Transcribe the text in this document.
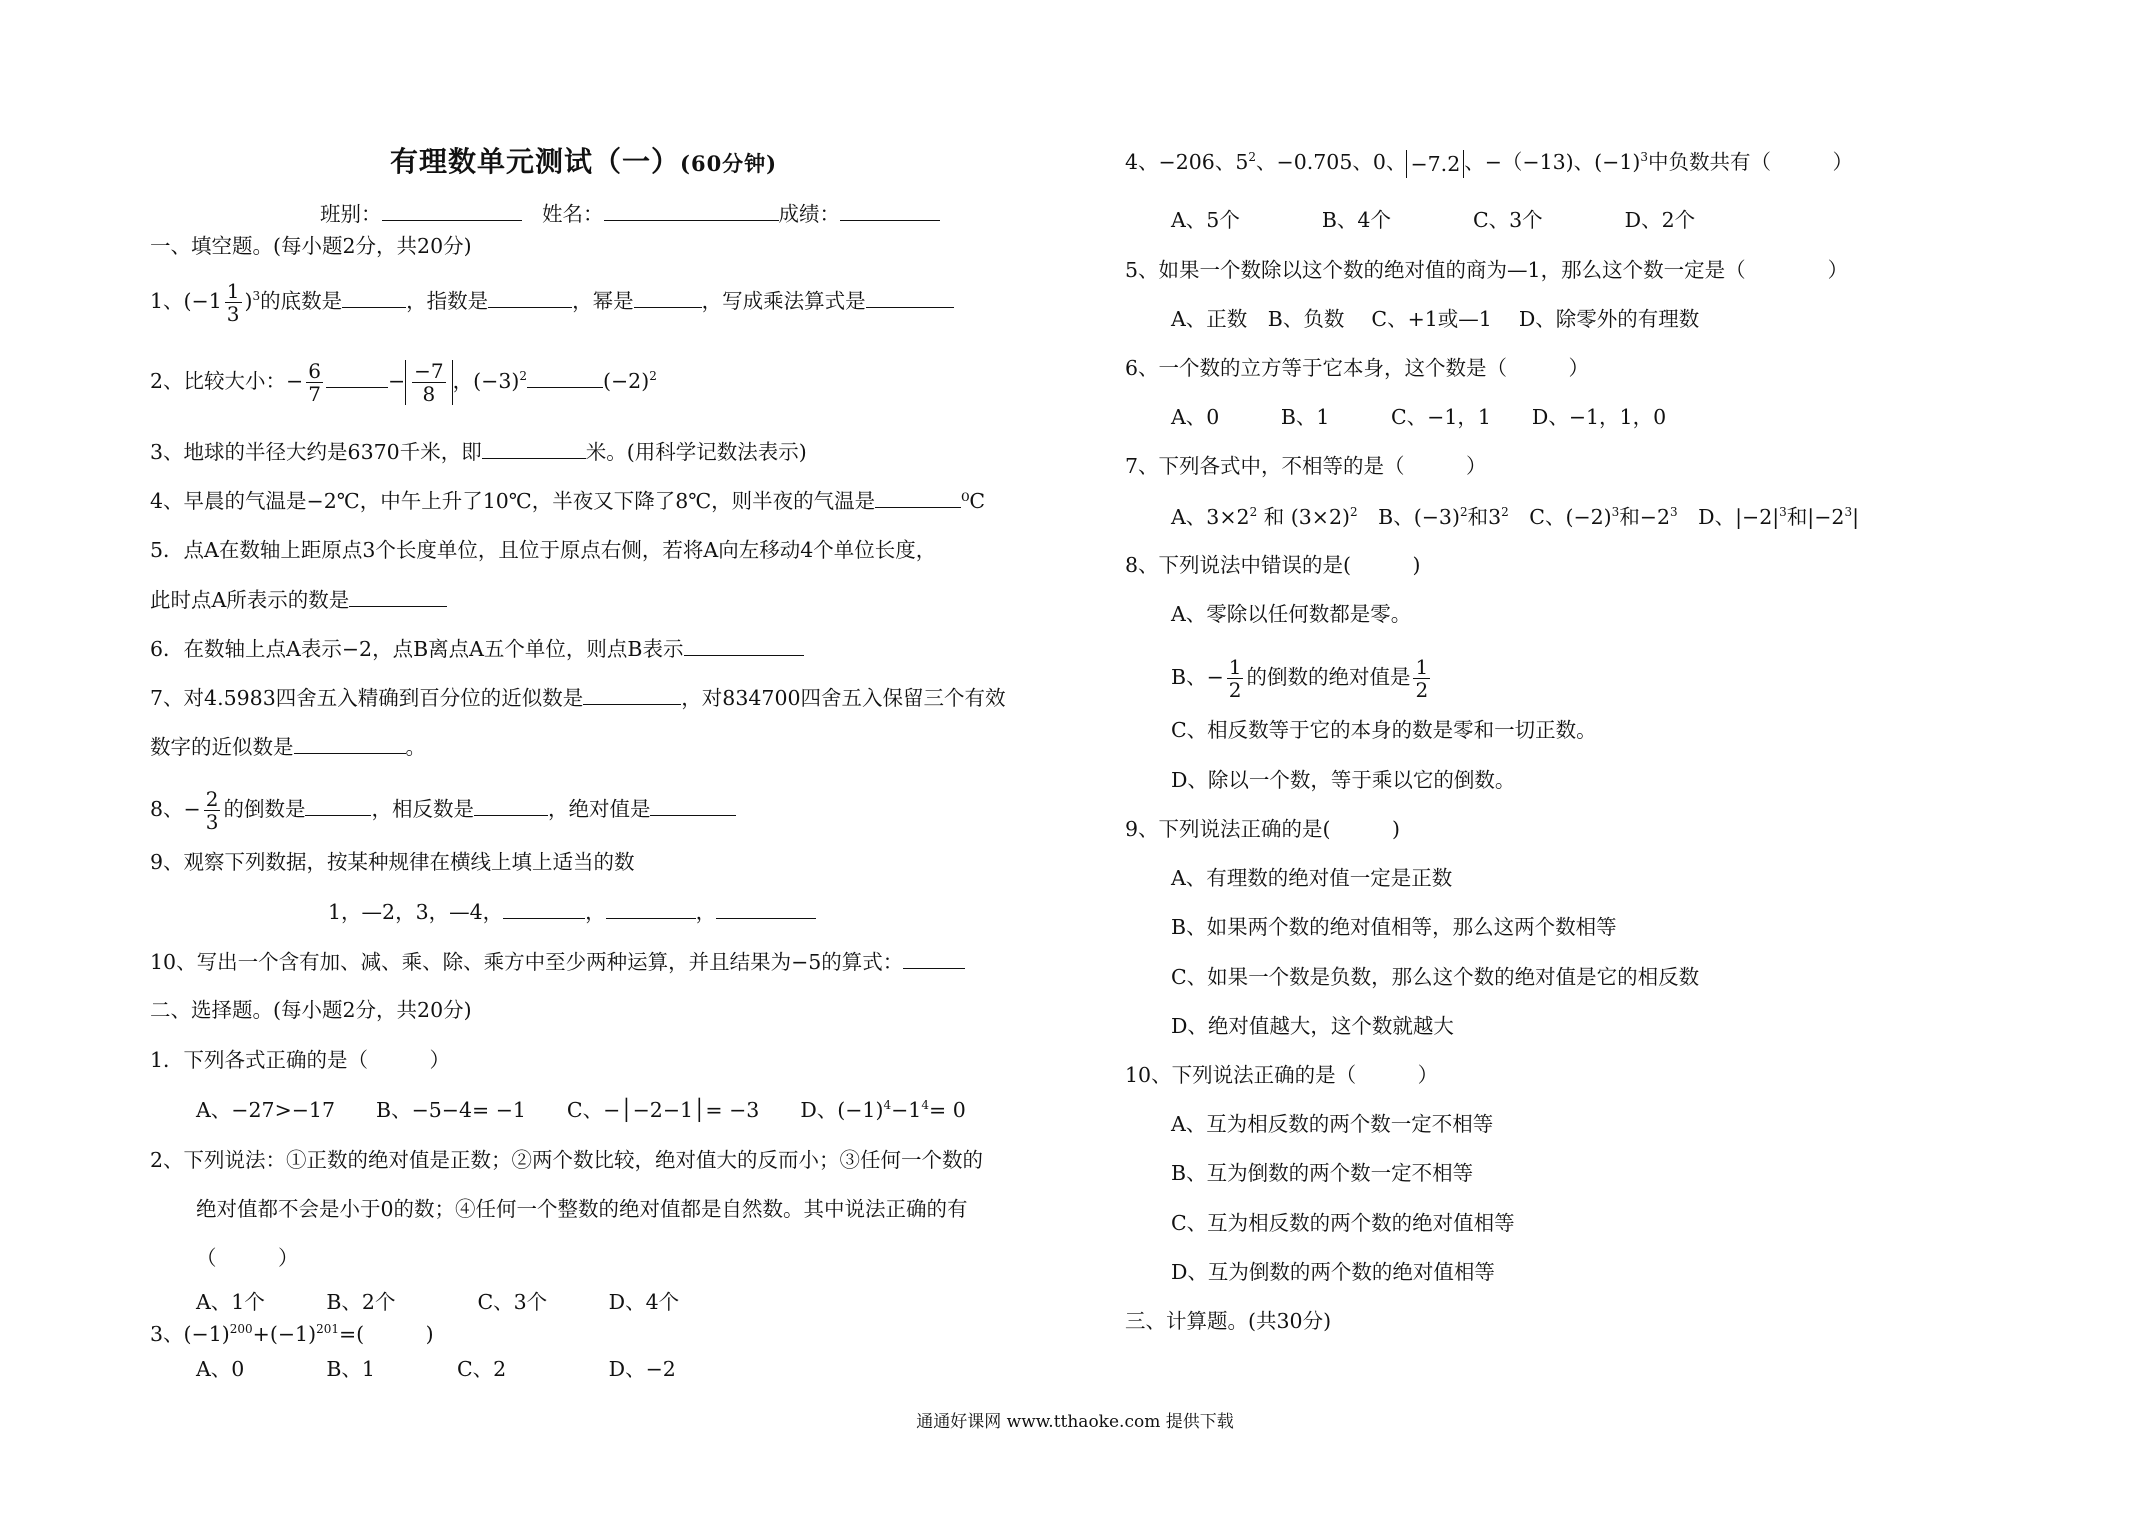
有理数单元测试（一）(60分钟)
班别：	姓名：	成绩：
一、填空题。(每小题2分，共20分)
1、$(-1 \frac{1}{3} )^3$的底数是	，指数是	，幂是	，写成乘法算式是
2、比较大小：− $\frac{6}{7}$	− $\frac{-7}{8}$ ，$(-3)^2$	$(-2)^2$
3、地球的半径大约是6370千米，即	米。(用科学记数法表示)
4、早晨的气温是−2℃，中午上升了10℃，半夜又下降了8℃，则半夜的气温是	⁰C
5．点A在数轴上距原点3个长度单位，且位于原点右侧，若将A向左移动4个单位长度，
此时点A所表示的数是
6．在数轴上点A表示−2，点B离点A五个单位，则点B表示
7、对4.5983四舍五入精确到百分位的近似数是	，对834700四舍五入保留三个有效
数字的近似数是	。
8、− $\frac{2}{3}$ 的倒数是	，相反数是	，绝对值是
9、观察下列数据，按某种规律在横线上填上适当的数
1，—2，3，—4，	，	，
10、写出一个含有加、减、乘、除、乘方中至少两种运算，并且结果为−5的算式：
二、选择题。(每小题2分，共20分)
1．下列各式正确的是（　　　）
A、−27>−17　　B、−5−4= −1　　C、−│−2−1│= −3　　D、$(-1)^4-1^4= 0$
2、下列说法：①正数的绝对值是正数；②两个数比较，绝对值大的反而小；③任何一个数的
绝对值都不会是小于0的数；④任何一个整数的绝对值都是自然数。其中说法正确的有
（　　　）
A、1个　　　B、2个　　　　C、3个　　　D、4个
3、$(-1)^{200}+(-1)^{201}=$(　　　)
A、0　　　　B、1　　　　C、2　　　　　D、−2
4、−206、$5^2$、−0.705、0、 −7.2 、−（−13)、$(-1)^3$中负数共有（　　　）
A、5个　　　　B、4个　　　　C、3个　　　　D、2个
5、如果一个数除以这个数的绝对值的商为—1，那么这个数一定是（　　　　）
A、正数　B、负数　 C、+1或—1　 D、除零外的有理数
6、一个数的立方等于它本身，这个数是（　　　）
A、0　　　B、1　　　C、−1，1　　D、−1，1，0
7、下列各式中，不相等的是（　　　）
A、$3\times 2^2$ 和 $(3\times 2)^2$　B、$(-3)^2$和$3^2$　C、$(-2)^3$和$-2^3$　D、$|-2|^3$和$|-2^3|$
8、下列说法中错误的是(　　　)
A、零除以任何数都是零。
B、− $\frac{1}{2}$ 的倒数的绝对值是 $\frac{1}{2}$
C、相反数等于它的本身的数是零和一切正数。
D、除以一个数，等于乘以它的倒数。
9、下列说法正确的是(　　　)
A、有理数的绝对值一定是正数
B、如果两个数的绝对值相等，那么这两个数相等
C、如果一个数是负数，那么这个数的绝对值是它的相反数
D、绝对值越大，这个数就越大
10、下列说法正确的是（　　　）
A、互为相反数的两个数一定不相等
B、互为倒数的两个数一定不相等
C、互为相反数的两个数的绝对值相等
D、互为倒数的两个数的绝对值相等
三、计算题。(共30分)
通通好课网 www.tthaoke.com 提供下载
